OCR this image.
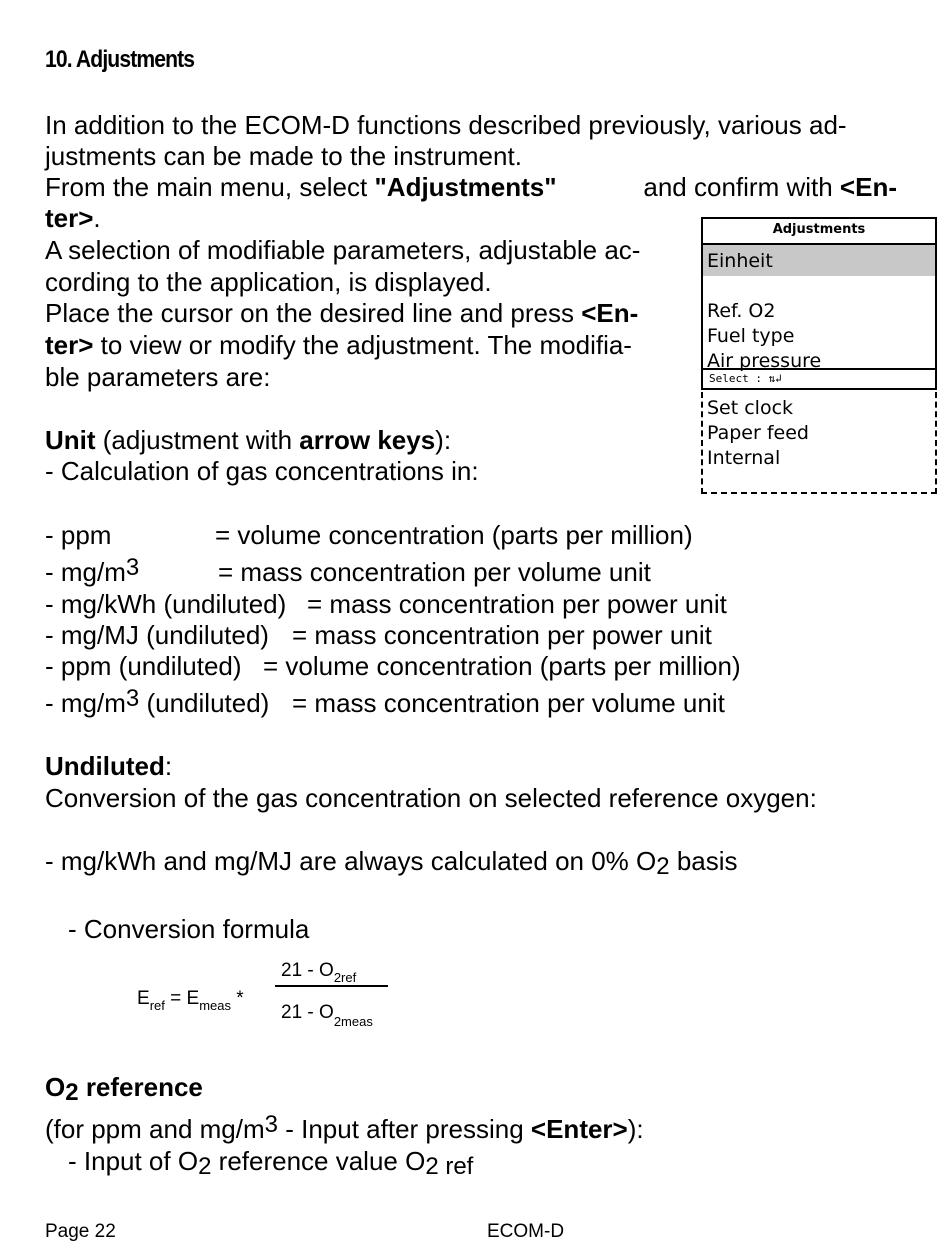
10. Adjustments
In addition to the ECOM-D functions described previously, various ad-
justments can be made to the instrument.
From the main menu, select "Adjustments"	and confirm with <En-
ter>.
A selection of modifiable parameters, adjustable ac-
cording to the application, is displayed.
Place the cursor on the desired line and press <En-
ter> to view or modify the adjustment. The modifia-
ble parameters are:
Adjustments
Einheit
Ref. O2
Fuel type
Air pressure
Select : ⇅↲
Set clock
Paper feed
Internal
Unit (adjustment with arrow keys):
- Calculation of gas concentrations in:
- ppm	= volume concentration (parts per million)
- mg/m3	= mass concentration per volume unit
- mg/kWh (undiluted) = mass concentration per power unit
- mg/MJ (undiluted) = mass concentration per power unit
- ppm (undiluted) = volume concentration (parts per million)
- mg/m3 (undiluted) = mass concentration per volume unit
Undiluted:
Conversion of the gas concentration on selected reference oxygen:
- mg/kWh and mg/MJ are always calculated on 0% O2 basis
- Conversion formula
$E_{ref} = E_{meas}$ *
$21 - O_{2ref}$
$21 - O_{2meas}$
O2 reference
(for ppm and mg/m3 - Input after pressing <Enter>):
- Input of O2 reference value O2 ref
Page 22	ECOM-D
